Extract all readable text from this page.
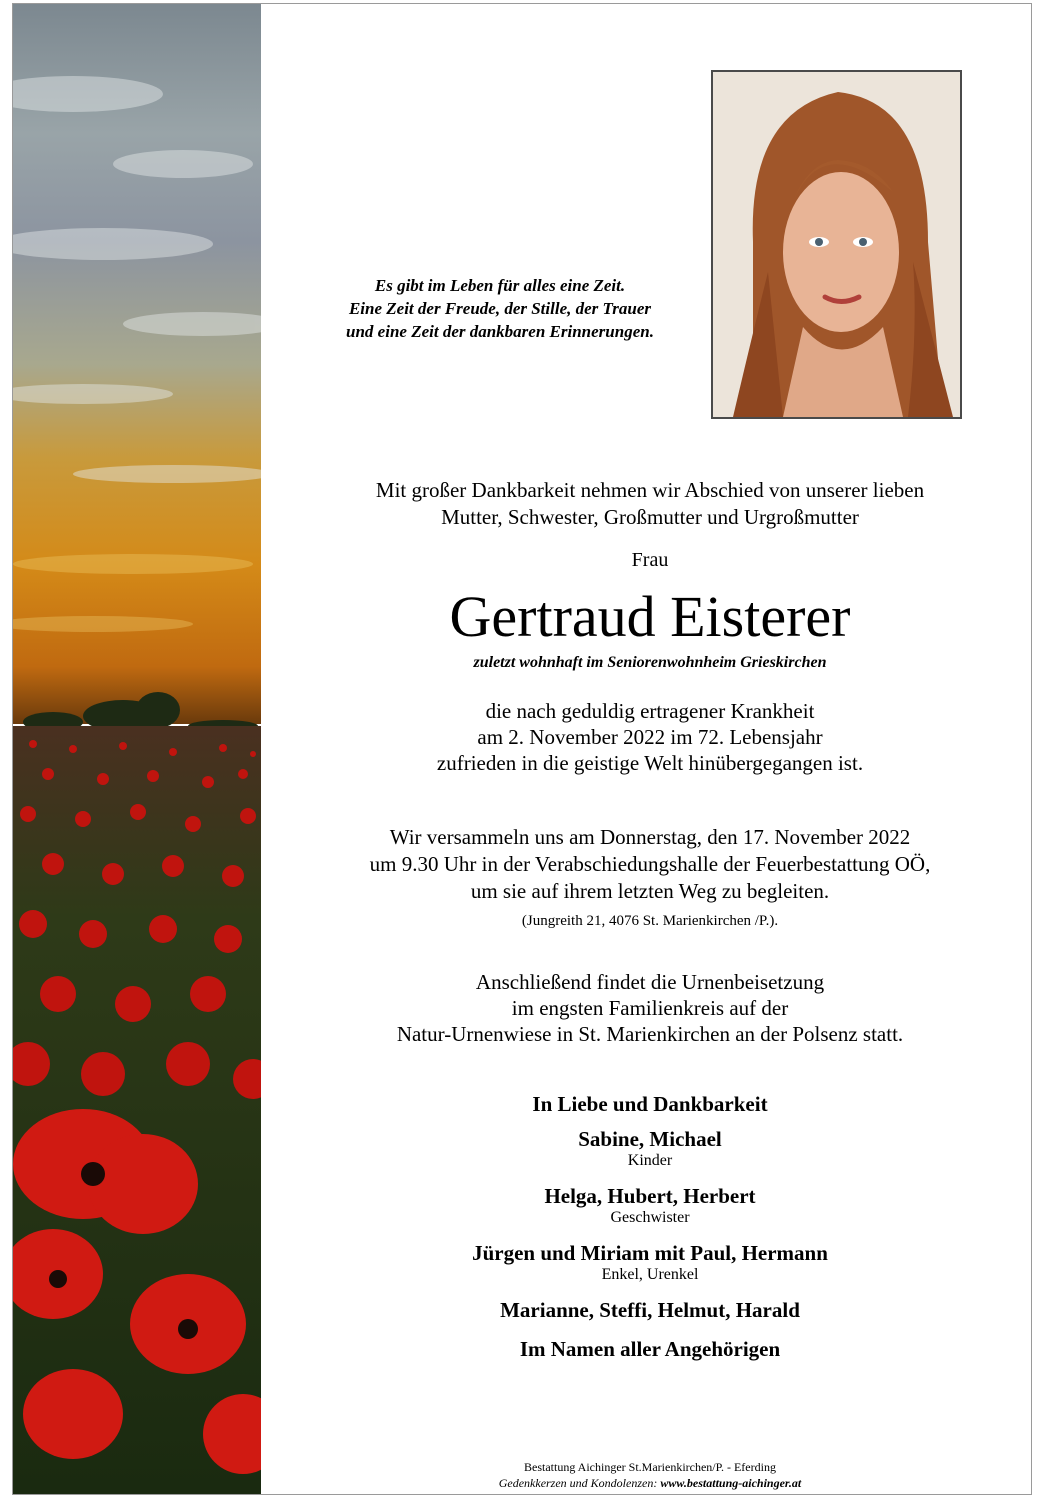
Es gibt im Leben für alles eine Zeit.
Eine Zeit der Freude, der Stille, der Trauer
und eine Zeit der dankbaren Erinnerungen.
Mit großer Dankbarkeit nehmen wir Abschied von unserer lieben
Mutter, Schwester, Großmutter und Urgroßmutter
Frau
Gertraud Eisterer
zuletzt wohnhaft im Seniorenwohnheim Grieskirchen
die nach geduldig ertragener Krankheit
am 2. November 2022 im 72. Lebensjahr
zufrieden in die geistige Welt hinübergegangen ist.
Wir versammeln uns am Donnerstag, den 17. November 2022
um 9.30 Uhr in der Verabschiedungshalle der Feuerbestattung OÖ,
um sie auf ihrem letzten Weg zu begleiten.
(Jungreith 21, 4076 St. Marienkirchen /P.).
Anschließend findet die Urnenbeisetzung
im engsten Familienkreis auf der
Natur-Urnenwiese in St. Marienkirchen an der Polsenz statt.
In Liebe und Dankbarkeit
Sabine, Michael
Kinder
Helga, Hubert, Herbert
Geschwister
Jürgen und Miriam mit Paul, Hermann
Enkel, Urenkel
Marianne, Steffi, Helmut, Harald
Im Namen aller Angehörigen
Bestattung Aichinger St.Marienkirchen/P. - Eferding
Gedenkkerzen und Kondolenzen: www.bestattung-aichinger.at
